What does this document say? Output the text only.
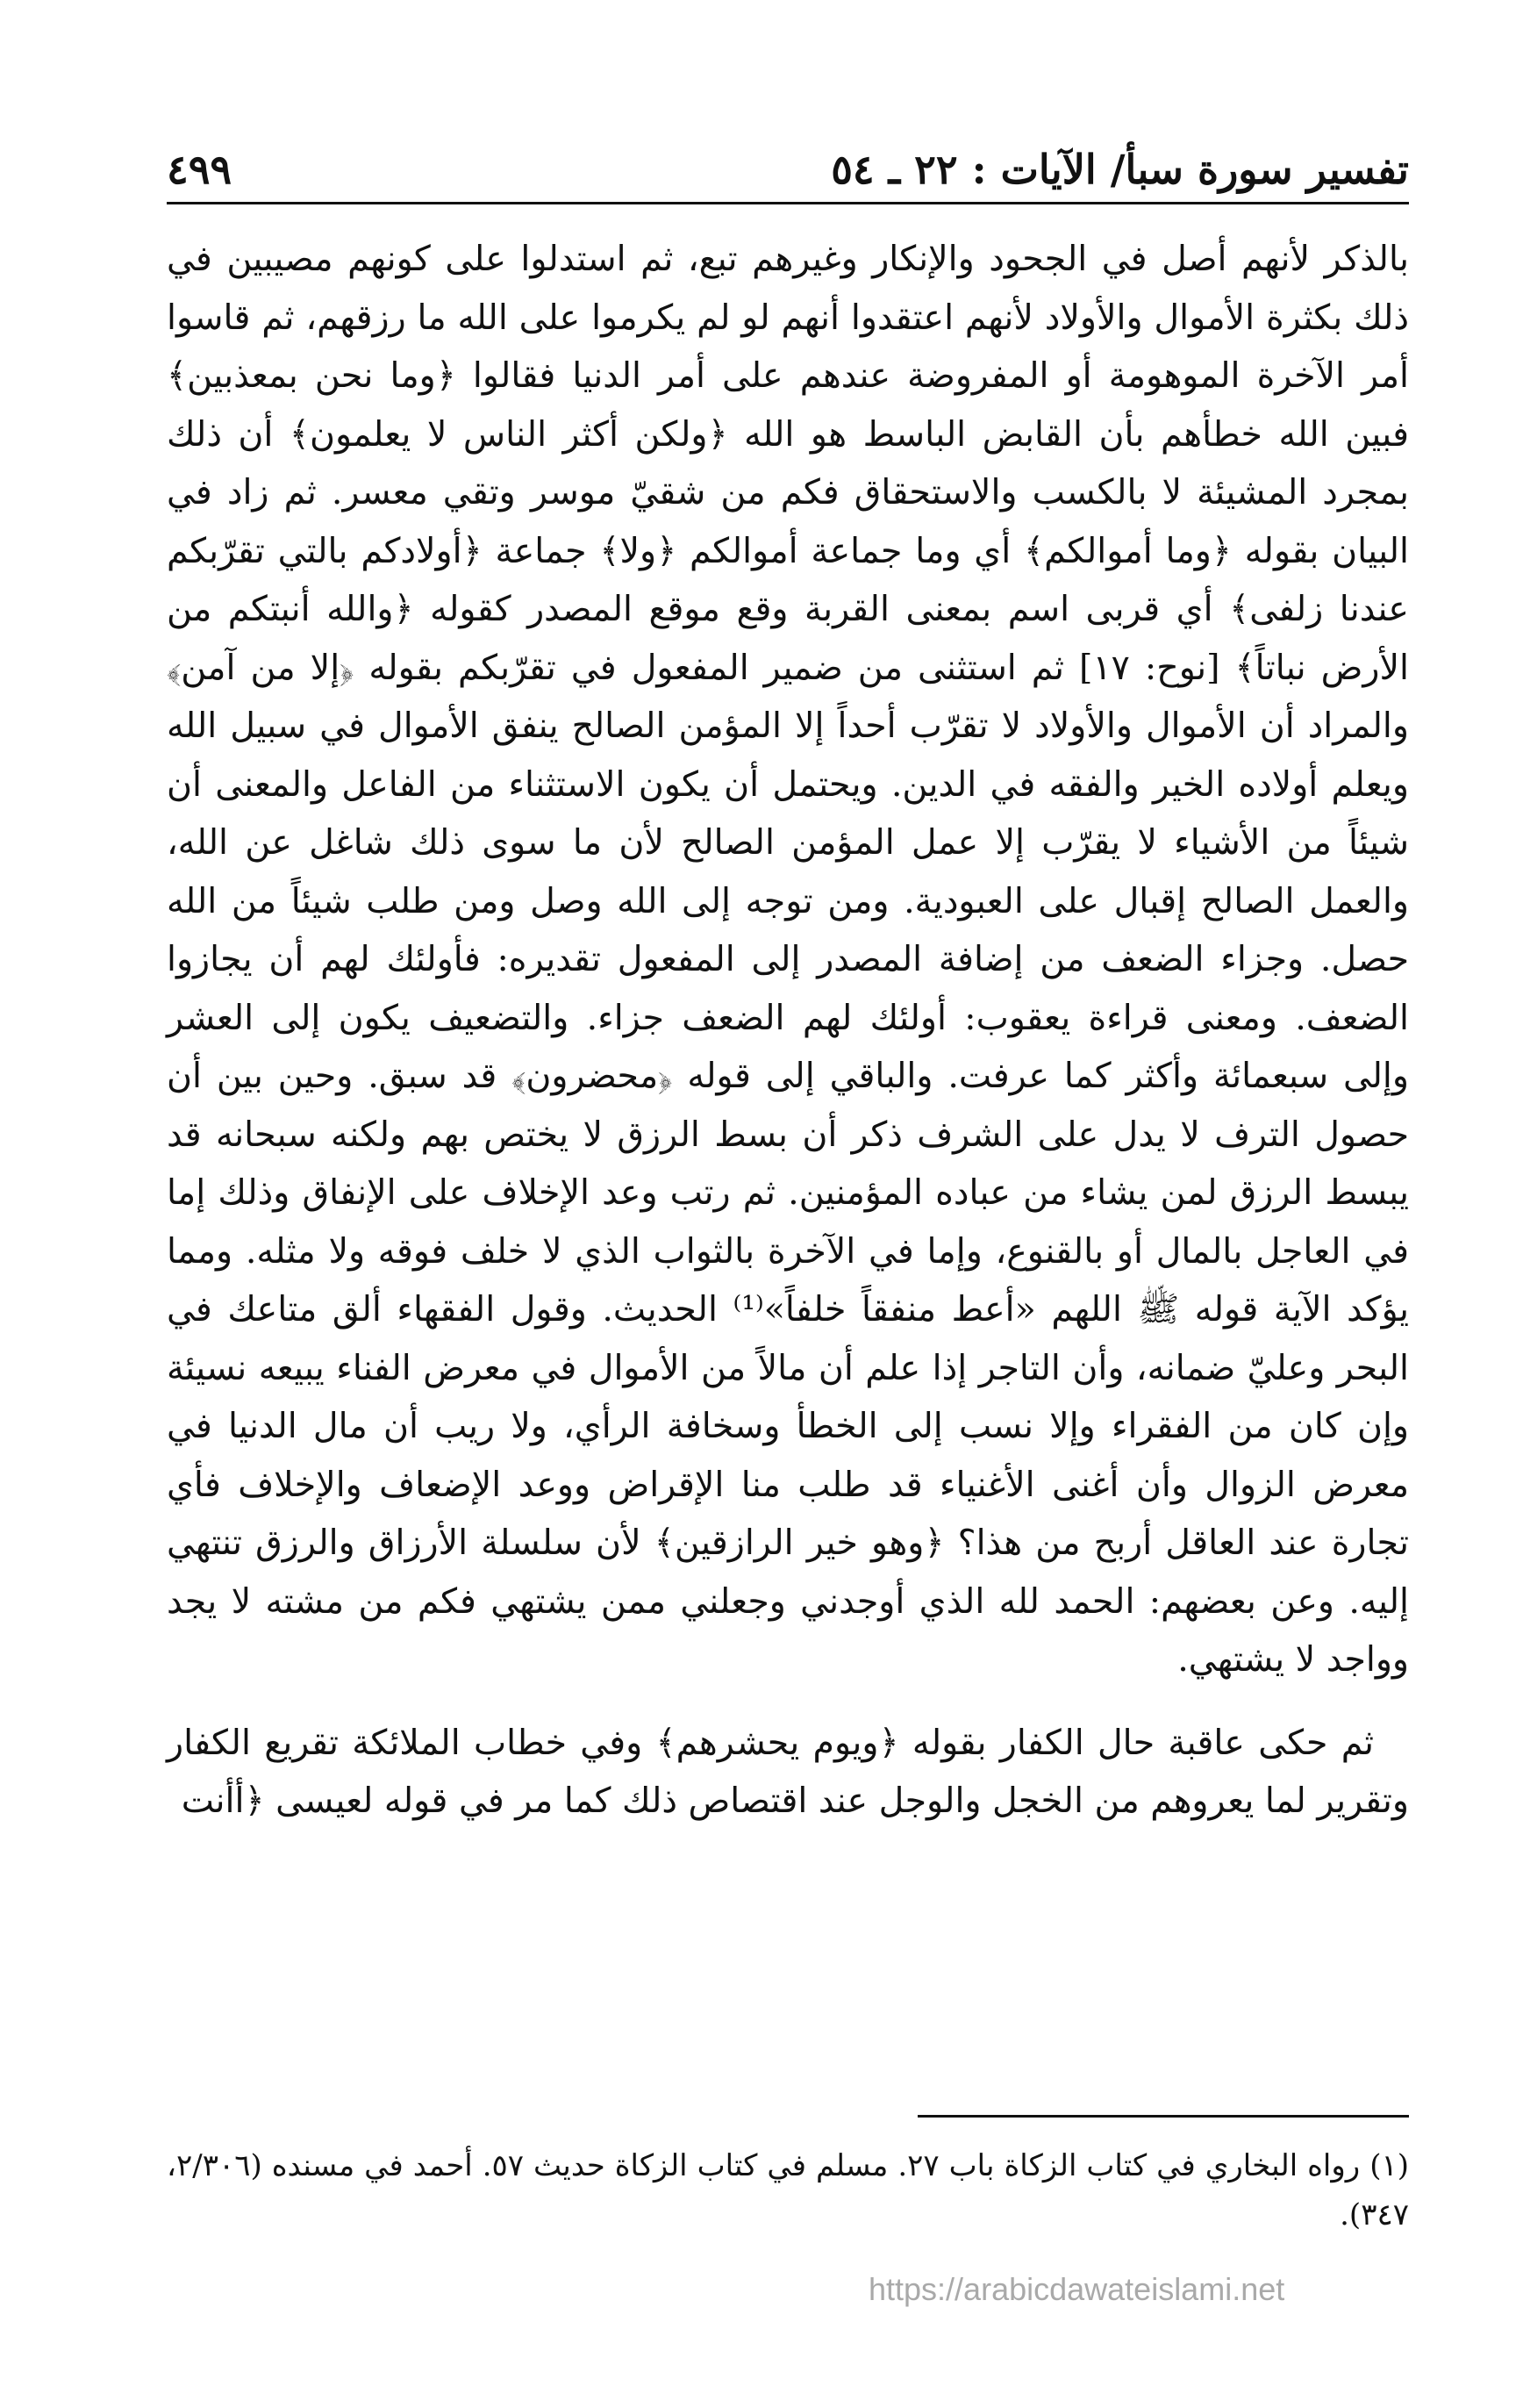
تفسير سورة سبأ/ الآيات : ٢٢ ـ ٥٤
٤٩٩

بالذكر لأنهم أصل في الجحود والإنكار وغيرهم تبع، ثم استدلوا على كونهم مصيبين في ذلك بكثرة الأموال والأولاد لأنهم اعتقدوا أنهم لو لم يكرموا على الله ما رزقهم، ثم قاسوا أمر الآخرة الموهومة أو المفروضة عندهم على أمر الدنيا فقالوا ﴿وما نحن بمعذبين﴾ فبين الله خطأهم بأن القابض الباسط هو الله ﴿ولكن أكثر الناس لا يعلمون﴾ أن ذلك بمجرد المشيئة لا بالكسب والاستحقاق فكم من شقيّ موسر وتقي معسر. ثم زاد في البيان بقوله ﴿وما أموالكم﴾ أي وما جماعة أموالكم ﴿ولا﴾ جماعة ﴿أولادكم بالتي تقرّبكم عندنا زلفى﴾ أي قربى اسم بمعنى القربة وقع موقع المصدر كقوله ﴿والله أنبتكم من الأرض نباتاً﴾ [نوح: ١٧] ثم استثنى من ضمير المفعول في تقرّبكم بقوله ﴿إلا من آمن﴾ والمراد أن الأموال والأولاد لا تقرّب أحداً إلا المؤمن الصالح ينفق الأموال في سبيل الله ويعلم أولاده الخير والفقه في الدين. ويحتمل أن يكون الاستثناء من الفاعل والمعنى أن شيئاً من الأشياء لا يقرّب إلا عمل المؤمن الصالح لأن ما سوى ذلك شاغل عن الله، والعمل الصالح إقبال على العبودية. ومن توجه إلى الله وصل ومن طلب شيئاً من الله حصل. وجزاء الضعف من إضافة المصدر إلى المفعول تقديره: فأولئك لهم أن يجازوا الضعف. ومعنى قراءة يعقوب: أولئك لهم الضعف جزاء. والتضعيف يكون إلى العشر وإلى سبعمائة وأكثر كما عرفت. والباقي إلى قوله ﴿محضرون﴾ قد سبق. وحين بين أن حصول الترف لا يدل على الشرف ذكر أن بسط الرزق لا يختص بهم ولكنه سبحانه قد يبسط الرزق لمن يشاء من عباده المؤمنين. ثم رتب وعد الإخلاف على الإنفاق وذلك إما في العاجل بالمال أو بالقنوع، وإما في الآخرة بالثواب الذي لا خلف فوقه ولا مثله. ومما يؤكد الآية قوله ﷺ اللهم «أعط منفقاً خلفاً»⁽¹⁾ الحديث. وقول الفقهاء ألق متاعك في البحر وعليّ ضمانه، وأن التاجر إذا علم أن مالاً من الأموال في معرض الفناء يبيعه نسيئة وإن كان من الفقراء وإلا نسب إلى الخطأ وسخافة الرأي، ولا ريب أن مال الدنيا في معرض الزوال وأن أغنى الأغنياء قد طلب منا الإقراض ووعد الإضعاف والإخلاف فأي تجارة عند العاقل أربح من هذا؟ ﴿وهو خير الرازقين﴾ لأن سلسلة الأرزاق والرزق تنتهي إليه. وعن بعضهم: الحمد لله الذي أوجدني وجعلني ممن يشتهي فكم من مشته لا يجد وواجد لا يشتهي.

ثم حكى عاقبة حال الكفار بقوله ﴿ويوم يحشرهم﴾ وفي خطاب الملائكة تقريع الكفار وتقرير لما يعروهم من الخجل والوجل عند اقتصاص ذلك كما مر في قوله لعيسى ﴿أأنت

(١) رواه البخاري في كتاب الزكاة باب ٢٧. مسلم في كتاب الزكاة حديث ٥٧. أحمد في مسنده (٢/٣٠٦، ٣٤٧).
https://arabicdawateislami.net
